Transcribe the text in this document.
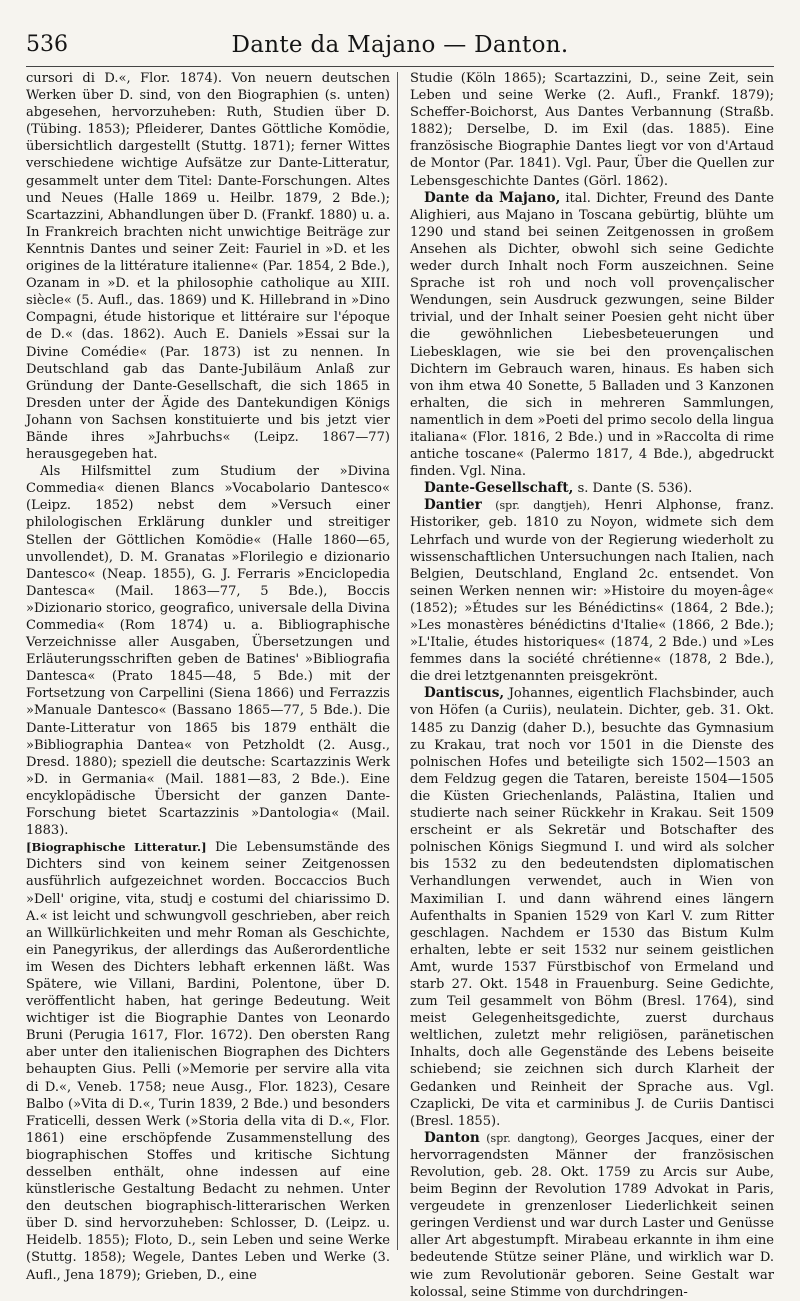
536	Dante da Majano — Danton.

cursori di D.«, Flor. 1874). Von neuern deutschen Werken über D. sind, von den Biographien (s. unten) abgesehen, hervorzuheben: Ruth, Studien über D. (Tübing. 1853); Pfleiderer, Dantes Göttliche Komödie, übersichtlich dargestellt (Stuttg. 1871); ferner Wittes verschiedene wichtige Aufsätze zur Dante-Litteratur, gesammelt unter dem Titel: Dante-Forschungen. Altes und Neues (Halle 1869 u. Heilbr. 1879, 2 Bde.); Scartazzini, Abhandlungen über D. (Frankf. 1880) u. a. In Frankreich brachten nicht unwichtige Beiträge zur Kenntnis Dantes und seiner Zeit: Fauriel in »D. et les origines de la littérature italienne« (Par. 1854, 2 Bde.), Ozanam in »D. et la philosophie catholique au XIII. siècle« (5. Aufl., das. 1869) und K. Hillebrand in »Dino Compagni, étude historique et littéraire sur l'époque de D.« (das. 1862). Auch E. Daniels »Essai sur la Divine Comédie« (Par. 1873) ist zu nennen. In Deutschland gab das Dante-Jubiläum Anlaß zur Gründung der Dante-Gesellschaft, die sich 1865 in Dresden unter der Ägide des Dantekundigen Königs Johann von Sachsen konstituierte und bis jetzt vier Bände ihres »Jahrbuchs« (Leipz. 1867—77) herausgegeben hat.

Als Hilfsmittel zum Studium der »Divina Commedia« dienen Blancs »Vocabolario Dantesco« (Leipz. 1852) nebst dem »Versuch einer philologischen Erklärung dunkler und streitiger Stellen der Göttlichen Komödie« (Halle 1860—65, unvollendet), D. M. Granatas »Florilegio e dizionario Dantesco« (Neap. 1855), G. J. Ferraris »Enciclopedia Dantesca« (Mail. 1863—77, 5 Bde.), Boccis »Dizionario storico, geografico, universale della Divina Commedia« (Rom 1874) u. a. Bibliographische Verzeichnisse aller Ausgaben, Übersetzungen und Erläuterungsschriften geben de Batines' »Bibliografia Dantesca« (Prato 1845—48, 5 Bde.) mit der Fortsetzung von Carpellini (Siena 1866) und Ferrazzis »Manuale Dantesco« (Bassano 1865—77, 5 Bde.). Die Dante-Litteratur von 1865 bis 1879 enthält die »Bibliographia Dantea« von Petzholdt (2. Ausg., Dresd. 1880); speziell die deutsche: Scartazzinis Werk »D. in Germania« (Mail. 1881—83, 2 Bde.). Eine encyklopädische Übersicht der ganzen Dante-Forschung bietet Scartazzinis »Dantologia« (Mail. 1883).

[Biographische Litteratur.] Die Lebensumstände des Dichters sind von keinem seiner Zeitgenossen ausführlich aufgezeichnet worden. Boccaccios Buch »Dell' origine, vita, studj e costumi del chiarissimo D. A.« ist leicht und schwungvoll geschrieben, aber reich an Willkürlichkeiten und mehr Roman als Geschichte, ein Panegyrikus, der allerdings das Außerordentliche im Wesen des Dichters lebhaft erkennen läßt. Was Spätere, wie Villani, Bardini, Polentone, über D. veröffentlicht haben, hat geringe Bedeutung. Weit wichtiger ist die Biographie Dantes von Leonardo Bruni (Perugia 1617, Flor. 1672). Den obersten Rang aber unter den italienischen Biographen des Dichters behaupten Gius. Pelli (»Memorie per servire alla vita di D.«, Veneb. 1758; neue Ausg., Flor. 1823), Cesare Balbo (»Vita di D.«, Turin 1839, 2 Bde.) und besonders Fraticelli, dessen Werk (»Storia della vita di D.«, Flor. 1861) eine erschöpfende Zusammenstellung des biographischen Stoffes und kritische Sichtung desselben enthält, ohne indessen auf eine künstlerische Gestaltung Bedacht zu nehmen. Unter den deutschen biographisch-litterarischen Werken über D. sind hervorzuheben: Schlosser, D. (Leipz. u. Heidelb. 1855); Floto, D., sein Leben und seine Werke (Stuttg. 1858); Wegele, Dantes Leben und Werke (3. Aufl., Jena 1879); Grieben, D., eine

Studie (Köln 1865); Scartazzini, D., seine Zeit, sein Leben und seine Werke (2. Aufl., Frankf. 1879); Scheffer-Boichorst, Aus Dantes Verbannung (Straßb. 1882); Derselbe, D. im Exil (das. 1885). Eine französische Biographie Dantes liegt vor von d'Artaud de Montor (Par. 1841). Vgl. Paur, Über die Quellen zur Lebensgeschichte Dantes (Görl. 1862).

Dante da Majano, ital. Dichter, Freund des Dante Alighieri, aus Majano in Toscana gebürtig, blühte um 1290 und stand bei seinen Zeitgenossen in großem Ansehen als Dichter, obwohl sich seine Gedichte weder durch Inhalt noch Form auszeichnen. Seine Sprache ist roh und noch voll provençalischer Wendungen, sein Ausdruck gezwungen, seine Bilder trivial, und der Inhalt seiner Poesien geht nicht über die gewöhnlichen Liebesbeteuerungen und Liebesklagen, wie sie bei den provençalischen Dichtern im Gebrauch waren, hinaus. Es haben sich von ihm etwa 40 Sonette, 5 Balladen und 3 Kanzonen erhalten, die sich in mehreren Sammlungen, namentlich in dem »Poeti del primo secolo della lingua italiana« (Flor. 1816, 2 Bde.) und in »Raccolta di rime antiche toscane« (Palermo 1817, 4 Bde.), abgedruckt finden. Vgl. Nina.

Dante-Gesellschaft, s. Dante (S. 536).

Dantier (spr. dangtjeh), Henri Alphonse, franz. Historiker, geb. 1810 zu Noyon, widmete sich dem Lehrfach und wurde von der Regierung wiederholt zu wissenschaftlichen Untersuchungen nach Italien, nach Belgien, Deutschland, England 2c. entsendet. Von seinen Werken nennen wir: »Histoire du moyen-âge« (1852); »Études sur les Bénédictins« (1864, 2 Bde.); »Les monastères bénédictins d'Italie« (1866, 2 Bde.); »L'Italie, études historiques« (1874, 2 Bde.) und »Les femmes dans la société chrétienne« (1878, 2 Bde.), die drei letztgenannten preisgekrönt.

Dantiscus, Johannes, eigentlich Flachsbinder, auch von Höfen (a Curiis), neulatein. Dichter, geb. 31. Okt. 1485 zu Danzig (daher D.), besuchte das Gymnasium zu Krakau, trat noch vor 1501 in die Dienste des polnischen Hofes und beteiligte sich 1502—1503 an dem Feldzug gegen die Tataren, bereiste 1504—1505 die Küsten Griechenlands, Palästina, Italien und studierte nach seiner Rückkehr in Krakau. Seit 1509 erscheint er als Sekretär und Botschafter des polnischen Königs Siegmund I. und wird als solcher bis 1532 zu den bedeutendsten diplomatischen Verhandlungen verwendet, auch in Wien von Maximilian I. und dann während eines längern Aufenthalts in Spanien 1529 von Karl V. zum Ritter geschlagen. Nachdem er 1530 das Bistum Kulm erhalten, lebte er seit 1532 nur seinem geistlichen Amt, wurde 1537 Fürstbischof von Ermeland und starb 27. Okt. 1548 in Frauenburg. Seine Gedichte, zum Teil gesammelt von Böhm (Bresl. 1764), sind meist Gelegenheitsgedichte, zuerst durchaus weltlichen, zuletzt mehr religiösen, paränetischen Inhalts, doch alle Gegenstände des Lebens beiseite schiebend; sie zeichnen sich durch Klarheit der Gedanken und Reinheit der Sprache aus. Vgl. Czaplicki, De vita et carminibus J. de Curiis Dantisci (Bresl. 1855).

Danton (spr. dangtong), Georges Jacques, einer der hervorragendsten Männer der französischen Revolution, geb. 28. Okt. 1759 zu Arcis sur Aube, beim Beginn der Revolution 1789 Advokat in Paris, vergeudete in grenzenloser Liederlichkeit seinen geringen Verdienst und war durch Laster und Genüsse aller Art abgestumpft. Mirabeau erkannte in ihm eine bedeutende Stütze seiner Pläne, und wirklich war D. wie zum Revolutionär geboren. Seine Gestalt war kolossal, seine Stimme von durchdringen-
